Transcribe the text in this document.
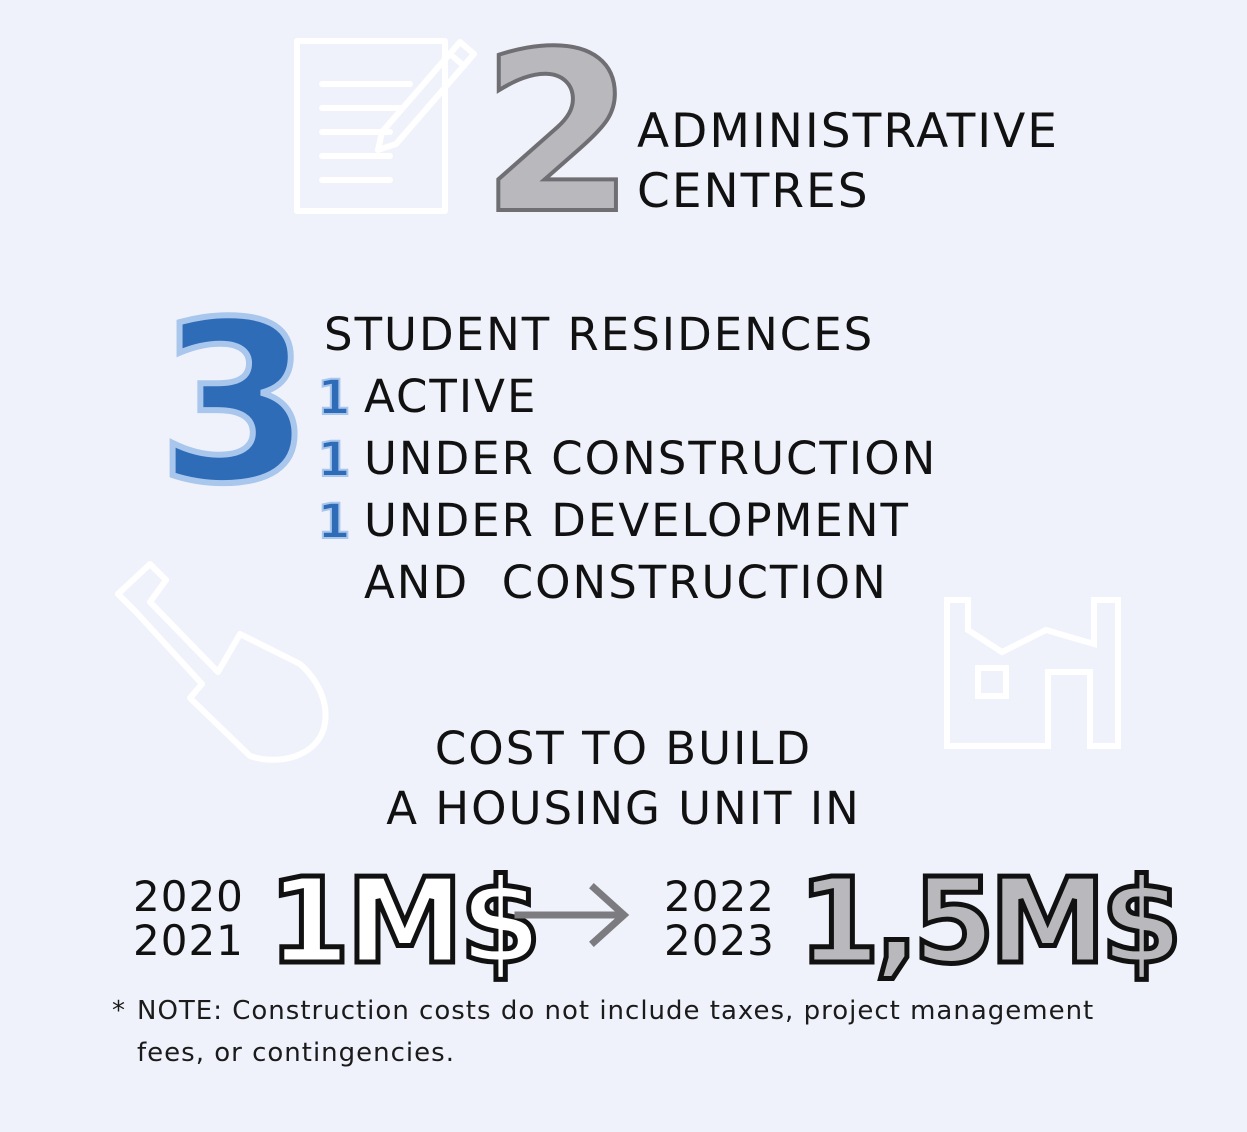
2 ADMINISTRATIVE
CENTRES
3 STUDENT RESIDENCES
1 ACTIVE
1 UNDER CONSTRUCTION
1 UNDER DEVELOPMENT
AND  CONSTRUCTION
COST TO BUILD
A HOUSING UNIT IN
2020
2021 1M$	2022
2023 1,5M$
* NOTE: Construction costs do not include taxes, project management
fees, or contingencies.
